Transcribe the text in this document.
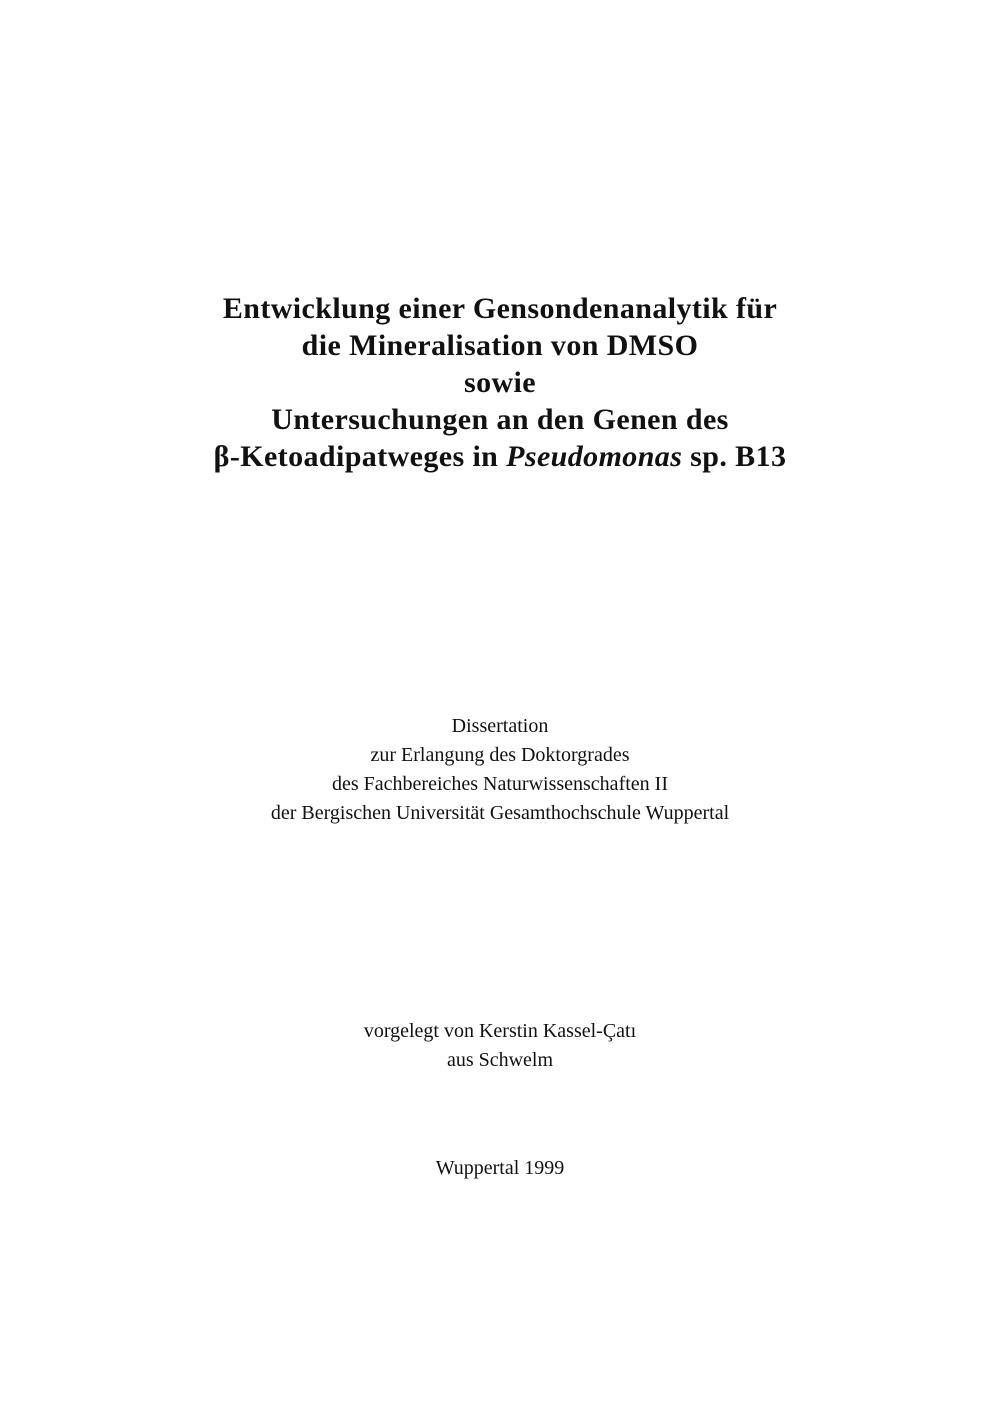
Entwicklung einer Gensondenanalytik für
die Mineralisation von DMSO
sowie
Untersuchungen an den Genen des
β-Ketoadipatweges in Pseudomonas sp. B13
Dissertation
zur Erlangung des Doktorgrades
des Fachbereiches Naturwissenschaften II
der Bergischen Universität Gesamthochschule Wuppertal
vorgelegt von Kerstin Kassel-Çatı
aus Schwelm
Wuppertal 1999
